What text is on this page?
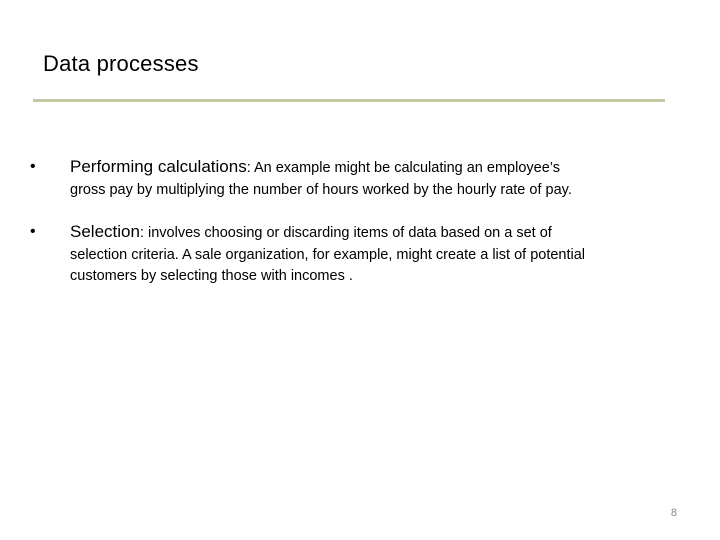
Data processes
• Performing calculations: An example might be calculating an employee’s
gross pay by multiplying the number of hours worked by the hourly rate of pay.
• Selection: involves choosing or discarding items of data based on a set of
selection criteria. A sale organization, for example, might create a list of potential customers by selecting those with incomes .
8
